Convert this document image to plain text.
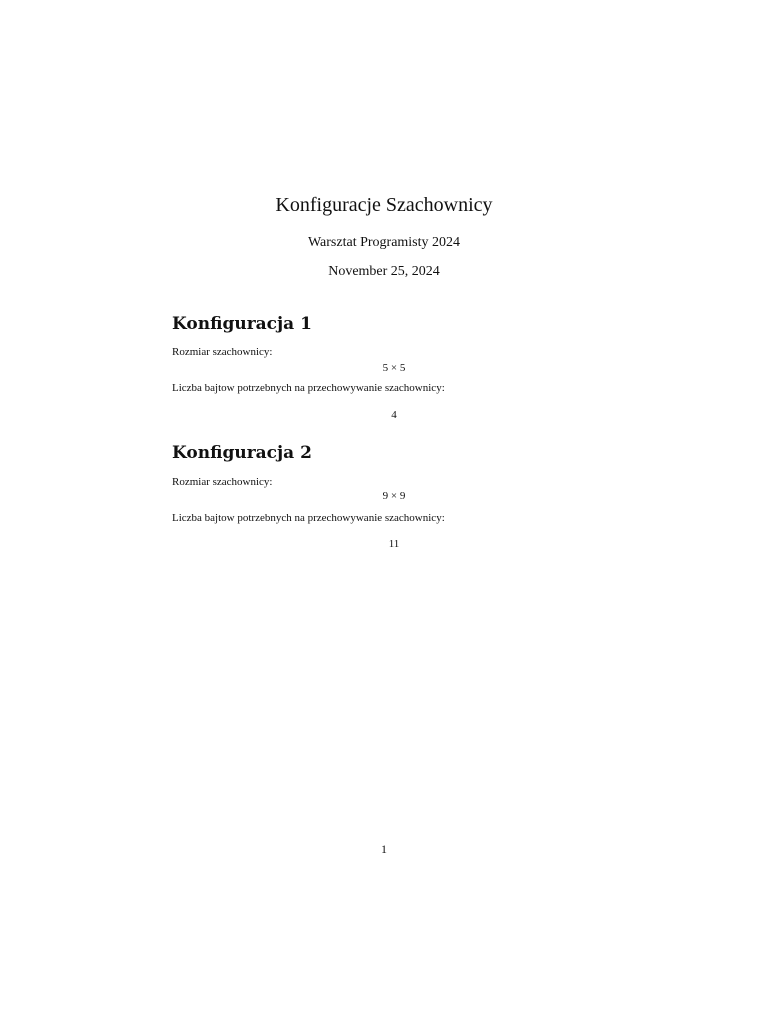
Konfiguracje Szachownicy
Warsztat Programisty 2024
November 25, 2024
Konfiguracja 1
Rozmiar szachownicy:
5 × 5
Liczba bajtow potrzebnych na przechowywanie szachownicy:
4
Konfiguracja 2
Rozmiar szachownicy:
9 × 9
Liczba bajtow potrzebnych na przechowywanie szachownicy:
11
1
